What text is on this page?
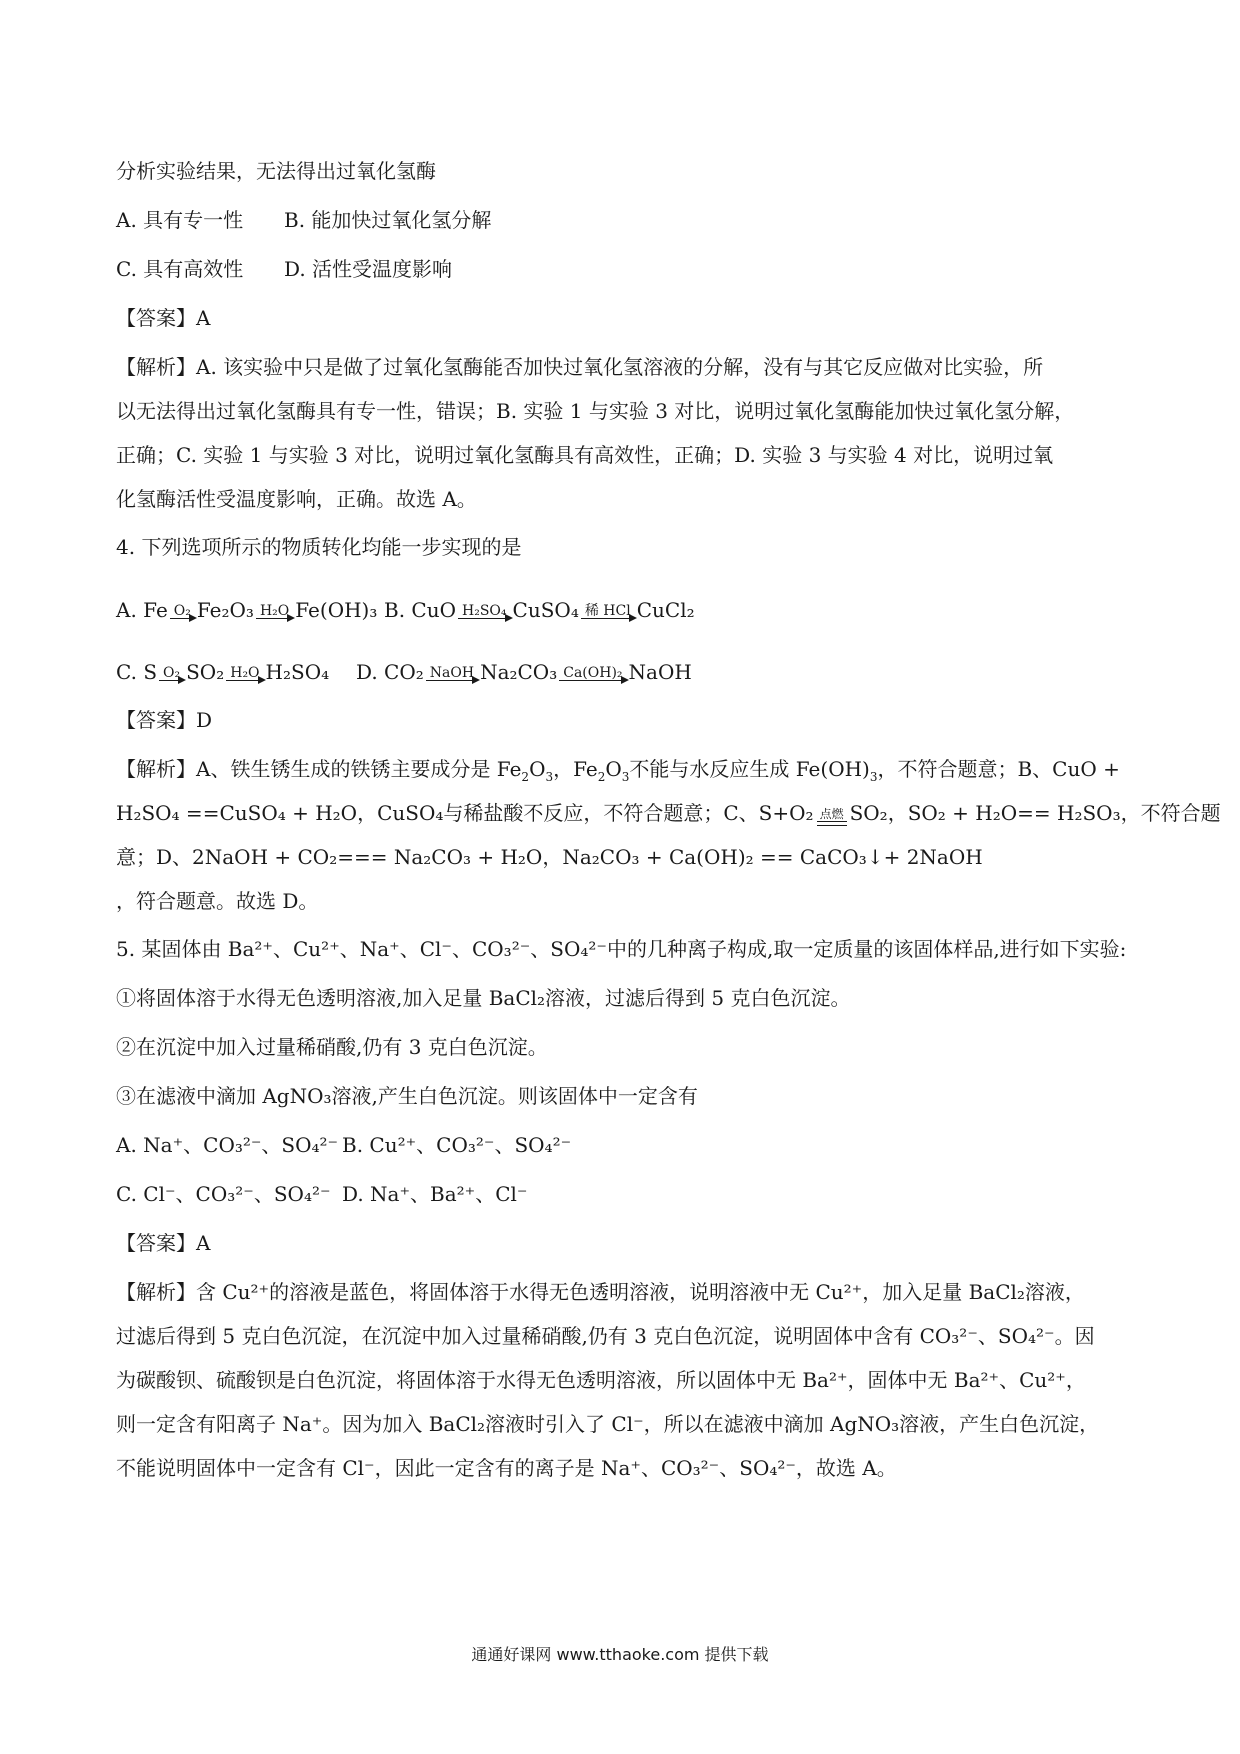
分析实验结果，无法得出过氧化氢酶
A. 具有专一性	B. 能加快过氧化氢分解
C. 具有高效性	D. 活性受温度影响
【答案】A
【解析】A. 该实验中只是做了过氧化氢酶能否加快过氧化氢溶液的分解，没有与其它反应做对比实验，所
以无法得出过氧化氢酶具有专一性，错误；B. 实验 1 与实验 3 对比，说明过氧化氢酶能加快过氧化氢分解，
正确；C. 实验 1 与实验 3 对比，说明过氧化氢酶具有高效性，正确；D. 实验 3 与实验 4 对比，说明过氧
化氢酶活性受温度影响，正确。故选 A。
4. 下列选项所示的物质转化均能一步实现的是
A.
Fe O₂ Fe₂O₃ H₂O Fe(OH)₃ B.
CuO H₂SO₄ CuSO₄ 稀 HCl CuCl₂
C.
S O₂ SO₂ H₂O H₂SO₄ D.
CO₂ NaOH Na₂CO₃ Ca(OH)₂ NaOH
【答案】D
【解析】A、铁生锈生成的铁锈主要成分是 $Fe_2O_3$，$Fe_2O_3$不能与水反应生成 $Fe(OH)_3$，不符合题意；B、CuO +
H₂SO₄ ==CuSO₄ + H₂O，CuSO₄与稀盐酸不反应，不符合题意；C、S+O₂ 点燃 SO₂，SO₂ + H₂O== H₂SO₃，不符合题
意；D、2NaOH + CO₂=== Na₂CO₃ + H₂O，Na₂CO₃ + Ca(OH)₂ == CaCO₃↓+ 2NaOH
，符合题意。故选 D。
5. 某固体由 Ba²⁺、Cu²⁺、Na⁺、Cl⁻、CO₃²⁻、SO₄²⁻中的几种离子构成,取一定质量的该固体样品,进行如下实验:
①将固体溶于水得无色透明溶液,加入足量 BaCl₂溶液，过滤后得到 5 克白色沉淀。
②在沉淀中加入过量稀硝酸,仍有 3 克白色沉淀。
③在滤液中滴加 AgNO₃溶液,产生白色沉淀。则该固体中一定含有
A. Na⁺、CO₃²⁻、SO₄²⁻ B. Cu²⁺、CO₃²⁻、SO₄²⁻
C. Cl⁻、CO₃²⁻、SO₄²⁻ D. Na⁺、Ba²⁺、Cl⁻
【答案】A
【解析】含 Cu²⁺的溶液是蓝色，将固体溶于水得无色透明溶液，说明溶液中无 Cu²⁺，加入足量 BaCl₂溶液，
过滤后得到 5 克白色沉淀，在沉淀中加入过量稀硝酸,仍有 3 克白色沉淀，说明固体中含有 CO₃²⁻、SO₄²⁻。因
为碳酸钡、硫酸钡是白色沉淀，将固体溶于水得无色透明溶液，所以固体中无 Ba²⁺，固体中无 Ba²⁺、Cu²⁺，
则一定含有阳离子 Na⁺。因为加入 BaCl₂溶液时引入了 Cl⁻，所以在滤液中滴加 AgNO₃溶液，产生白色沉淀，
不能说明固体中一定含有 Cl⁻，因此一定含有的离子是 Na⁺、CO₃²⁻、SO₄²⁻，故选 A。
通通好课网 www.tthaoke.com 提供下载
